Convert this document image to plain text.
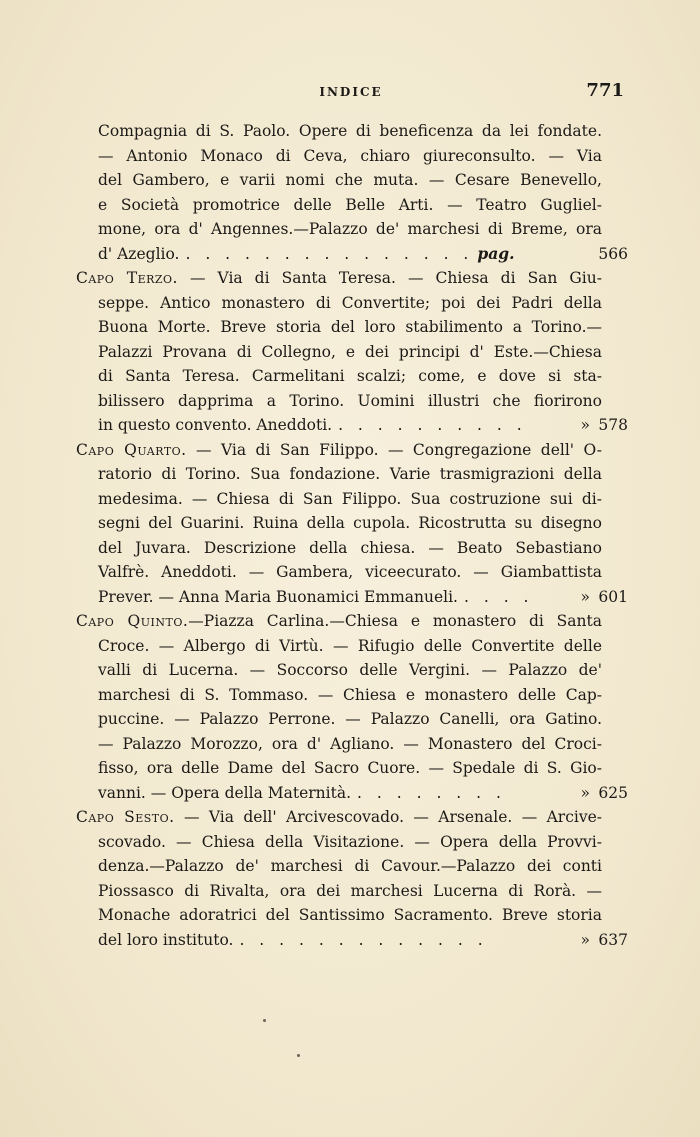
INDICE	771
Compagnia di S. Paolo. Opere di beneficenza da lei fondate.
— Antonio Monaco di Ceva, chiaro giureconsulto. — Via
del Gambero, e varii nomi che muta. — Cesare Benevello,
e Società promotrice delle Belle Arti. — Teatro Gugliel-
mone, ora d' Angennes.—Palazzo de' marchesi di Breme, ora
d' Azeglio. . . . . . . . . . . . . . . . pag.	566
Capo Terzo. — Via di Santa Teresa. — Chiesa di San Giu-
seppe. Antico monastero di Convertite; poi dei Padri della
Buona Morte. Breve storia del loro stabilimento a Torino.—
Palazzi Provana di Collegno, e dei principi d' Este.—Chiesa
di Santa Teresa. Carmelitani scalzi; come, e dove si sta-
bilissero dapprima a Torino. Uomini illustri che fiorirono
in questo convento. Aneddoti. . . . . . . . . . .	» 578
Capo Quarto. — Via di San Filippo. — Congregazione dell' O-
ratorio di Torino. Sua fondazione. Varie trasmigrazioni della
medesima. — Chiesa di San Filippo. Sua costruzione sui di-
segni del Guarini. Ruina della cupola. Ricostrutta su disegno
del Juvara. Descrizione della chiesa. — Beato Sebastiano
Valfrè. Aneddoti. — Gambera, viceecurato. — Giambattista
Prever. — Anna Maria Buonamici Emmanueli. . . . .	» 601
Capo Quinto.—Piazza Carlina.—Chiesa e monastero di Santa
Croce. — Albergo di Virtù. — Rifugio delle Convertite delle
valli di Lucerna. — Soccorso delle Vergini. — Palazzo de'
marchesi di S. Tommaso. — Chiesa e monastero delle Cap-
puccine. — Palazzo Perrone. — Palazzo Canelli, ora Gatino.
— Palazzo Morozzo, ora d' Agliano. — Monastero del Croci-
fisso, ora delle Dame del Sacro Cuore. — Spedale di S. Gio-
vanni. — Opera della Maternità. . . . . . . . .	» 625
Capo Sesto. — Via dell' Arcivescovado. — Arsenale. — Arcive-
scovado. — Chiesa della Visitazione. — Opera della Provvi-
denza.—Palazzo de' marchesi di Cavour.—Palazzo dei conti
Piossasco di Rivalta, ora dei marchesi Lucerna di Rorà. —
Monache adoratrici del Santissimo Sacramento. Breve storia
del loro instituto. . . . . . . . . . . . . .	» 637
